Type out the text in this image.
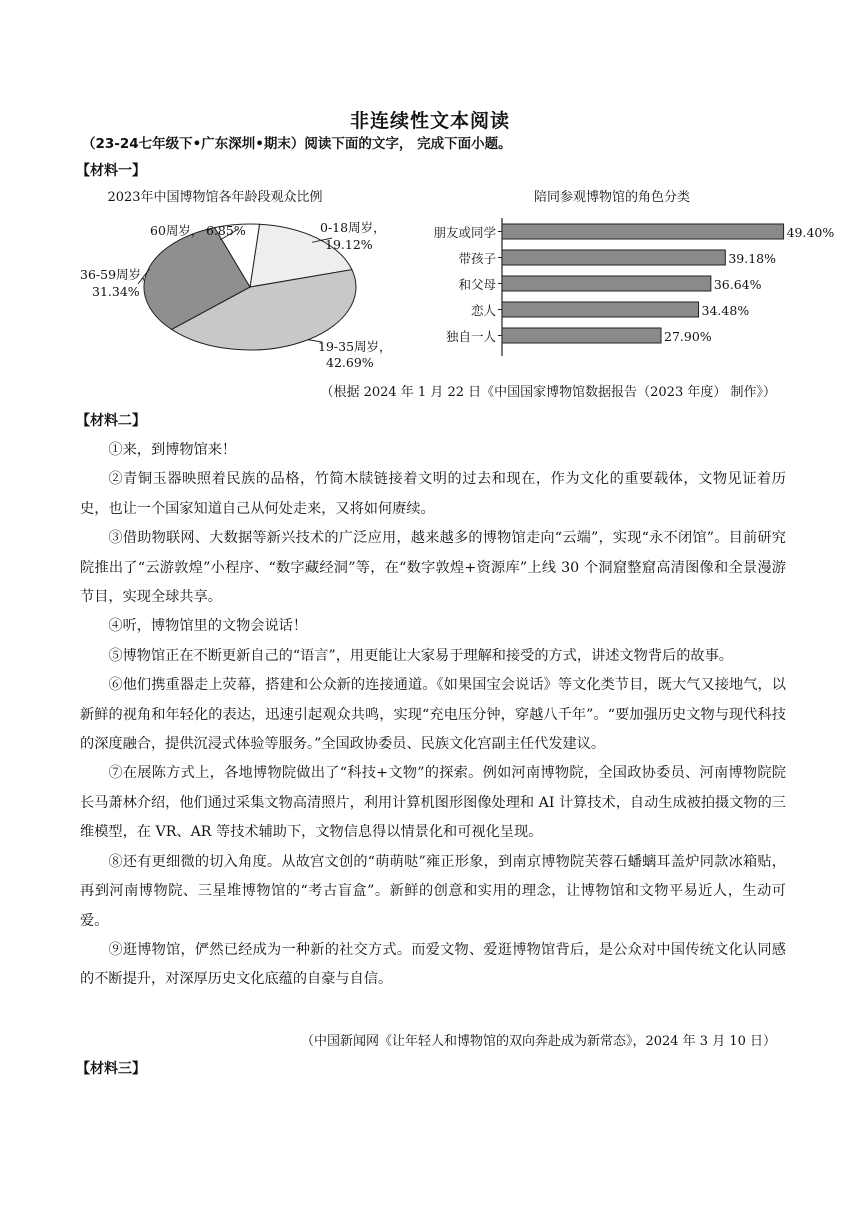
非连续性文本阅读
（23-24七年级下•广东深圳•期末）阅读下面的文字， 完成下面小题。
【材料一】
2023年中国博物馆各年龄段观众比例
0-18周岁，
19.12%
19-35周岁，
42.69%
36-59周岁，
31.34%
60周岁， 6.85%
陪同参观博物馆的角色分类
朋友或同学	49.40%
带孩子	39.18%
和父母	36.64%
恋人	34.48%
独自一人	27.90%
（根据 2024 年 1 月 22 日《中国国家博物馆数据报告（2023 年度） 制作》）
【材料二】

①来，到博物馆来！

②青铜玉器映照着民族的品格，竹简木牍链接着文明的过去和现在，作为文化的重要载体，文物见证着历史，也让一个国家知道自己从何处走来，又将如何赓续。

③借助物联网、大数据等新兴技术的广泛应用，越来越多的博物馆走向“云端”，实现“永不闭馆”。目前研究院推出了“云游敦煌”小程序、“数字藏经洞”等，在“数字敦煌+资源库”上线 30 个洞窟整窟高清图像和全景漫游节目，实现全球共享。

④听，博物馆里的文物会说话！

⑤博物馆正在不断更新自己的“语言”，用更能让大家易于理解和接受的方式，讲述文物背后的故事。

⑥他们携重器走上荧幕，搭建和公众新的连接通道。《如果国宝会说话》等文化类节目，既大气又接地气，以新鲜的视角和年轻化的表达，迅速引起观众共鸣，实现“充电压分钟，穿越八千年”。“要加强历史文物与现代科技的深度融合，提供沉浸式体验等服务。”全国政协委员、民族文化宫副主任代发建议。

⑦在展陈方式上，各地博物院做出了“科技+文物”的探索。例如河南博物院，全国政协委员、河南博物院院长马萧林介绍，他们通过采集文物高清照片，利用计算机图形图像处理和 AI 计算技术，自动生成被拍摄文物的三维模型，在 VR、AR 等技术辅助下，文物信息得以情景化和可视化呈现。

⑧还有更细微的切入角度。从故宫文创的“萌萌哒”雍正形象，到南京博物院芙蓉石蟠螭耳盖炉同款冰箱贴，再到河南博物院、三星堆博物馆的“考古盲盒”。新鲜的创意和实用的理念，让博物馆和文物平易近人，生动可爱。

⑨逛博物馆，俨然已经成为一种新的社交方式。而爱文物、爱逛博物馆背后，是公众对中国传统文化认同感的不断提升，对深厚历史文化底蕴的自豪与自信。

（中国新闻网《让年轻人和博物馆的双向奔赴成为新常态》，2024 年 3 月 10 日）
【材料三】
